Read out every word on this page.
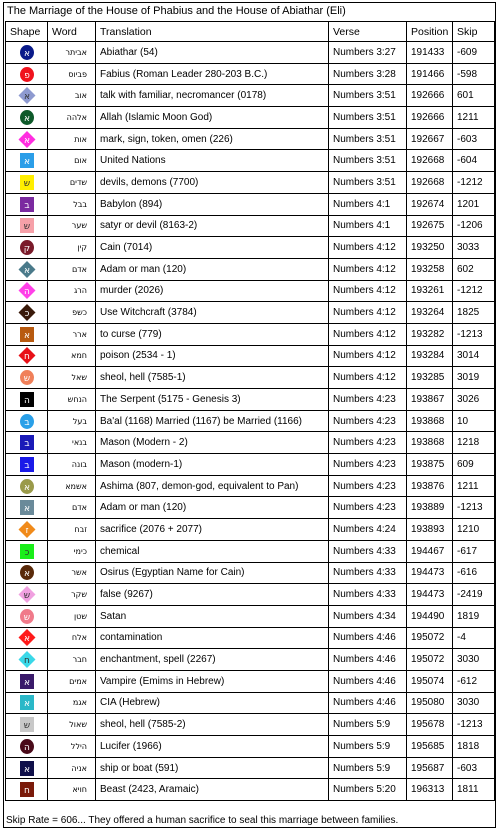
The Marriage of the House of Phabius and the House of Abiathar (Eli)
Shape	Word	Translation	Verse	Position	Skip

א	אביתר	Abiathar (54)	Numbers 3:27	191433	-609

פ	פביוס	Fabius (Roman Leader 280-203 B.C.)	Numbers 3:28	191466	-598

א	אוב	talk with familiar, necromancer (0178)	Numbers 3:51	192666	601

א	אלהה	Allah (Islamic Moon God)	Numbers 3:51	192666	1211

א	אות	mark, sign, token, omen (226)	Numbers 3:51	192667	-603

א	אום	United Nations	Numbers 3:51	192668	-604

ש	שדים	devils, demons (7700)	Numbers 3:51	192668	-1212

ב	בבל	Babylon (894)	Numbers 4:1	192674	1201

ש	שער	satyr or devil (8163-2)	Numbers 4:1	192675	-1206

ק	קין	Cain (7014)	Numbers 4:12	193250	3033

א	אדם	Adam or man (120)	Numbers 4:12	193258	602

ה	הרג	murder (2026)	Numbers 4:12	193261	-1212

כ	כשפ	Use Witchcraft (3784)	Numbers 4:12	193264	1825

א	ארר	to curse (779)	Numbers 4:12	193282	-1213

ח	חמא	poison (2534 - 1)	Numbers 4:12	193284	3014

ש	שאל	sheol, hell (7585-1)	Numbers 4:12	193285	3019

ה	הנחש	The Serpent (5175 - Genesis 3)	Numbers 4:23	193867	3026

ב	בעל	Ba'al (1168) Married (1167) be Married (1166)	Numbers 4:23	193868	10

ב	בנאי	Mason (Modern - 2)	Numbers 4:23	193868	1218

ב	בונה	Mason (modern-1)	Numbers 4:23	193875	609

א	אשמא	Ashima (807, demon-god, equivalent to Pan)	Numbers 4:23	193876	1211

א	אדם	Adam or man (120)	Numbers 4:23	193889	-1213

ז	זבח	sacrifice (2076 + 2077)	Numbers 4:24	193893	1210

כ	כימי	chemical	Numbers 4:33	194467	-617

א	אשר	Osirus (Egyptian Name for Cain)	Numbers 4:33	194473	-616

ש	שקר	false (9267)	Numbers 4:33	194473	-2419

ש	שטן	Satan	Numbers 4:34	194490	1819

א	אלח	contamination	Numbers 4:46	195072	-4

ח	חבר	enchantment, spell (2267)	Numbers 4:46	195072	3030

א	אמים	Vampire (Emims in Hebrew)	Numbers 4:46	195074	-612

א	אגמ	CIA (Hebrew)	Numbers 4:46	195080	3030

ש	שאול	sheol, hell (7585-2)	Numbers 5:9	195678	-1213

ה	הילל	Lucifer (1966)	Numbers 5:9	195685	1818

א	אניה	ship or boat (591)	Numbers 5:9	195687	-603

ח	חויא	Beast (2423, Aramaic)	Numbers 5:20	196313	1811
Skip Rate = 606... They offered a human sacrifice to seal this marriage between families.
